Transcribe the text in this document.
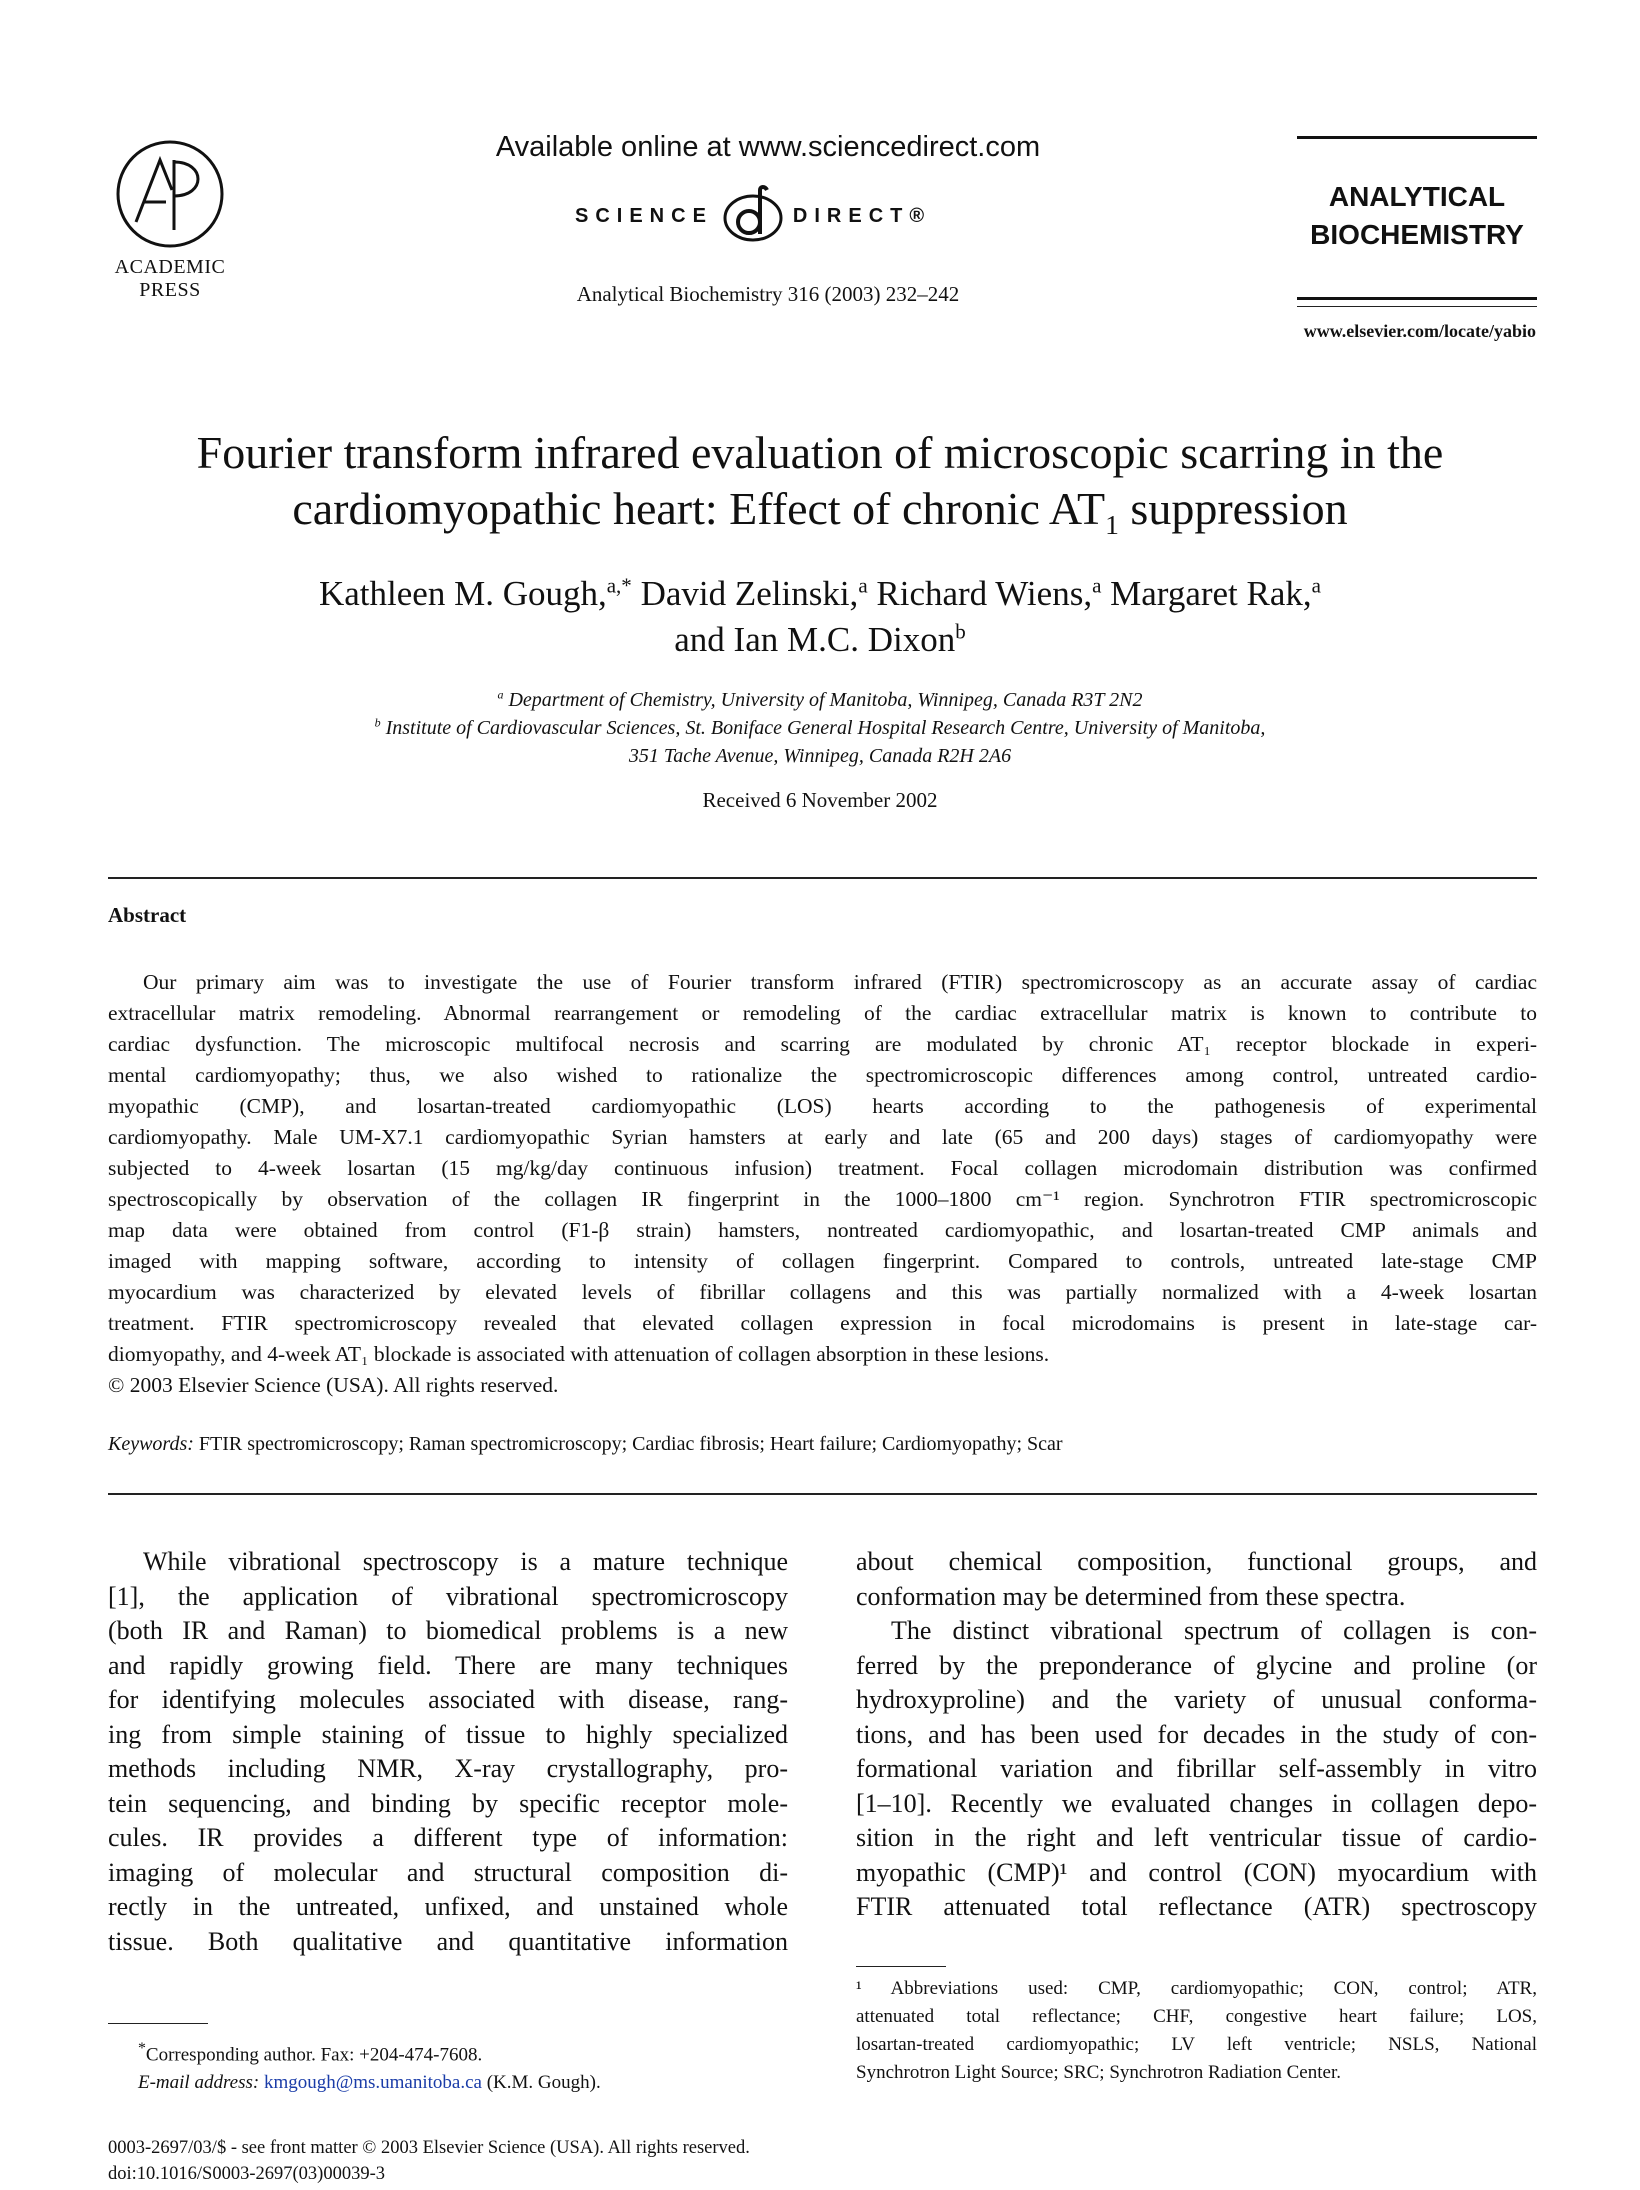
ACADEMIC
PRESS
Available online at www.sciencedirect.com
SCIENCE	DIRECT®
Analytical Biochemistry 316 (2003) 232–242
ANALYTICAL
BIOCHEMISTRY
www.elsevier.com/locate/yabio
Fourier transform infrared evaluation of microscopic scarring in the
cardiomyopathic heart: Effect of chronic $AT_1$ suppression
Kathleen M. Gough,$^{a,*}$ David Zelinski,$^a$ Richard Wiens,$^a$ Margaret Rak,$^a$
and Ian M.C. Dixon$^b$
$^a$ Department of Chemistry, University of Manitoba, Winnipeg, Canada R3T 2N2
$^b$ Institute of Cardiovascular Sciences, St. Boniface General Hospital Research Centre, University of Manitoba,
351 Tache Avenue, Winnipeg, Canada R2H 2A6
Received 6 November 2002
Abstract
Our primary aim was to investigate the use of Fourier transform infrared (FTIR) spectromicroscopy as an accurate assay of cardiac
extracellular matrix remodeling. Abnormal rearrangement or remodeling of the cardiac extracellular matrix is known to contribute to
cardiac dysfunction. The microscopic multifocal necrosis and scarring are modulated by chronic AT₁ receptor blockade in experi-
mental cardiomyopathy; thus, we also wished to rationalize the spectromicroscopic differences among control, untreated cardio-
myopathic (CMP), and losartan-treated cardiomyopathic (LOS) hearts according to the pathogenesis of experimental
cardiomyopathy. Male UM-X7.1 cardiomyopathic Syrian hamsters at early and late (65 and 200 days) stages of cardiomyopathy were
subjected to 4-week losartan (15 mg/kg/day continuous infusion) treatment. Focal collagen microdomain distribution was confirmed
spectroscopically by observation of the collagen IR fingerprint in the 1000–1800 cm⁻¹ region. Synchrotron FTIR spectromicroscopic
map data were obtained from control (F1-β strain) hamsters, nontreated cardiomyopathic, and losartan-treated CMP animals and
imaged with mapping software, according to intensity of collagen fingerprint. Compared to controls, untreated late-stage CMP
myocardium was characterized by elevated levels of fibrillar collagens and this was partially normalized with a 4-week losartan
treatment. FTIR spectromicroscopy revealed that elevated collagen expression in focal microdomains is present in late-stage car-
diomyopathy, and 4-week AT₁ blockade is associated with attenuation of collagen absorption in these lesions.
© 2003 Elsevier Science (USA). All rights reserved.
Keywords: FTIR spectromicroscopy; Raman spectromicroscopy; Cardiac fibrosis; Heart failure; Cardiomyopathy; Scar
While vibrational spectroscopy is a mature technique
[1], the application of vibrational spectromicroscopy
(both IR and Raman) to biomedical problems is a new
and rapidly growing field. There are many techniques
for identifying molecules associated with disease, rang-
ing from simple staining of tissue to highly specialized
methods including NMR, X-ray crystallography, pro-
tein sequencing, and binding by specific receptor mole-
cules. IR provides a different type of information:
imaging of molecular and structural composition di-
rectly in the untreated, unfixed, and unstained whole
tissue. Both qualitative and quantitative information
about chemical composition, functional groups, and
conformation may be determined from these spectra.
The distinct vibrational spectrum of collagen is con-
ferred by the preponderance of glycine and proline (or
hydroxyproline) and the variety of unusual conforma-
tions, and has been used for decades in the study of con-
formational variation and fibrillar self-assembly in vitro
[1–10]. Recently we evaluated changes in collagen depo-
sition in the right and left ventricular tissue of cardio-
myopathic (CMP)¹ and control (CON) myocardium with
FTIR attenuated total reflectance (ATR) spectroscopy
¹ Abbreviations used: CMP, cardiomyopathic; CON, control; ATR,
attenuated total reflectance; CHF, congestive heart failure; LOS,
losartan-treated cardiomyopathic; LV left ventricle; NSLS, National
Synchrotron Light Source; SRC; Synchrotron Radiation Center.
*Corresponding author. Fax: +204-474-7608.
E-mail address: kmgough@ms.umanitoba.ca (K.M. Gough).
0003-2697/03/$ - see front matter © 2003 Elsevier Science (USA). All rights reserved.
doi:10.1016/S0003-2697(03)00039-3
